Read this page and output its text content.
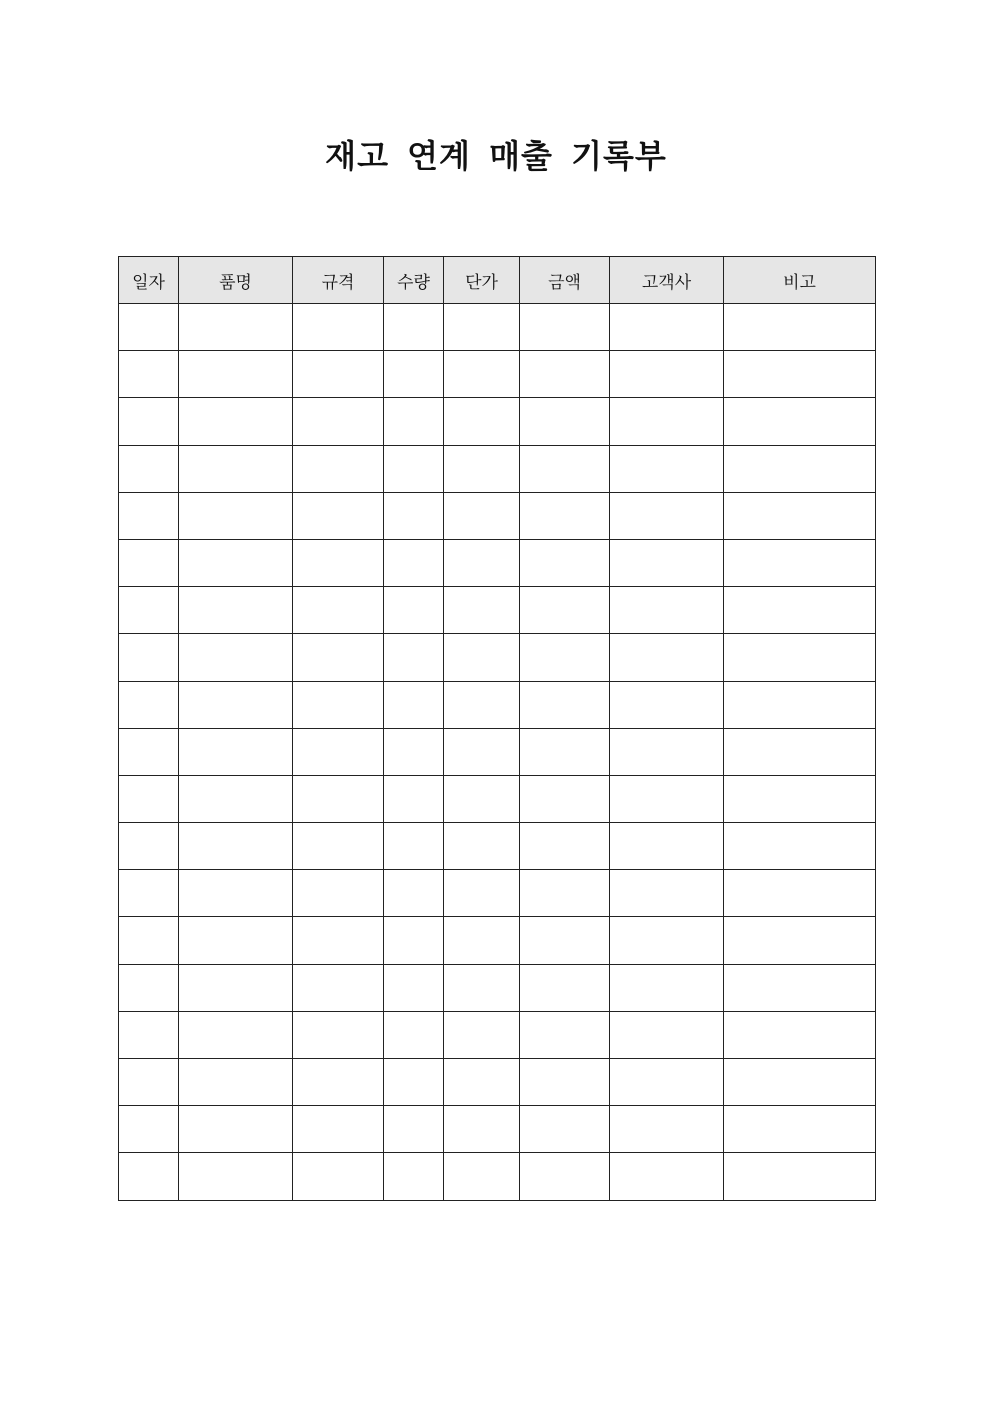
재고 연계 매출 기록부
일자	품명	규격	수량	단가	금액	고객사	비고
